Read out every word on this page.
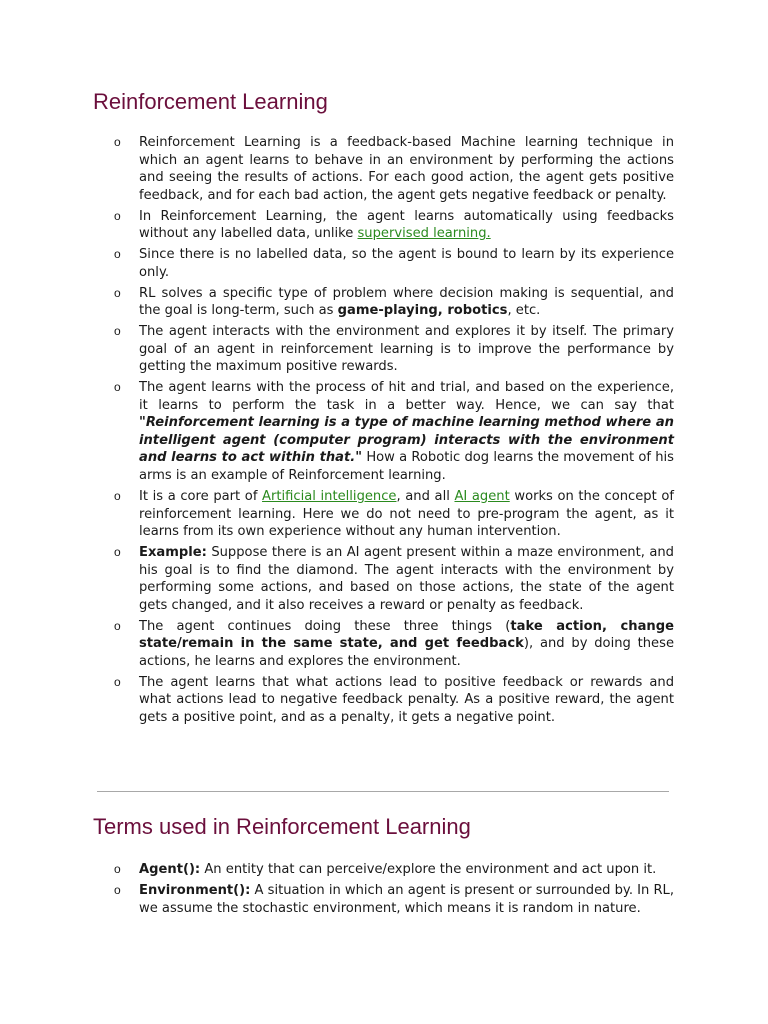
Reinforcement Learning
o Reinforcement Learning is a feedback-based Machine learning technique in which an agent learns to behave in an environment by performing the actions and seeing the results of actions. For each good action, the agent gets positive feedback, and for each bad action, the agent gets negative feedback or penalty.
o In Reinforcement Learning, the agent learns automatically using feedbacks without any labelled data, unlike supervised learning.
o Since there is no labelled data, so the agent is bound to learn by its experience only.
o RL solves a specific type of problem where decision making is sequential, and the goal is long-term, such as game-playing, robotics, etc.
o The agent interacts with the environment and explores it by itself. The primary goal of an agent in reinforcement learning is to improve the performance by getting the maximum positive rewards.
o The agent learns with the process of hit and trial, and based on the experience, it learns to perform the task in a better way. Hence, we can say that "Reinforcement learning is a type of machine learning method where an intelligent agent (computer program) interacts with the environment and learns to act within that." How a Robotic dog learns the movement of his arms is an example of Reinforcement learning.
o It is a core part of Artificial intelligence, and all AI agent works on the concept of reinforcement learning. Here we do not need to pre-program the agent, as it learns from its own experience without any human intervention.
o Example: Suppose there is an AI agent present within a maze environment, and his goal is to find the diamond. The agent interacts with the environment by performing some actions, and based on those actions, the state of the agent gets changed, and it also receives a reward or penalty as feedback.
o The agent continues doing these three things (take action, change state/remain in the same state, and get feedback), and by doing these actions, he learns and explores the environment.
o The agent learns that what actions lead to positive feedback or rewards and what actions lead to negative feedback penalty. As a positive reward, the agent gets a positive point, and as a penalty, it gets a negative point.
Terms used in Reinforcement Learning
o Agent(): An entity that can perceive/explore the environment and act upon it.
o Environment(): A situation in which an agent is present or surrounded by. In RL, we assume the stochastic environment, which means it is random in nature.
